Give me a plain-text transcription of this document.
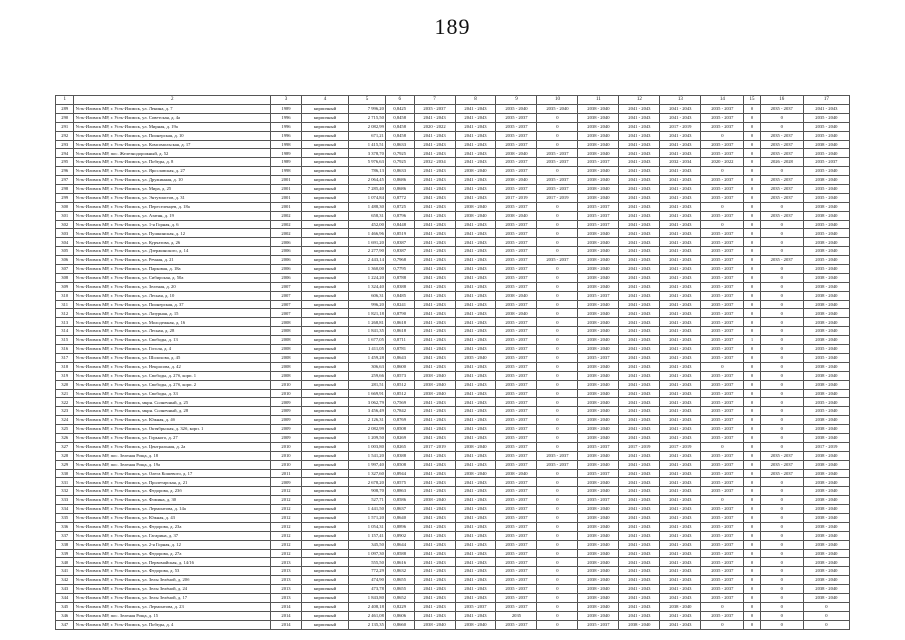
189
1	2	3	4	5	6	7	8	9	10	11	12	13	14	15	16	17
289	Усть-Илимск МР, г. Усть-Илимск, ул. Ленина, д. 7	1989	кирпичный	7 996,20	0,8425	2035 - 2037	2041 - 2043	2035 - 2040	2035 - 2040	2038 - 2040	2041 - 2043	2041 - 2043	2035 - 2037	0	2035 - 2037	2041 - 2043
290	Усть-Илимск МР, г. Усть-Илимск, ул. Советская, д. 4а	1996	кирпичный	2 715,50	0,8458	2041 - 2043	2041 - 2043	2035 - 2037	0	2038 - 2040	2041 - 2043	2041 - 2043	2035 - 2037	0	0	2035 - 2040
291	Усть-Илимск МР, г. Усть-Илимск, ул. Мирная, д. 19а	1996	кирпичный	2 082,99	0,8458	2020 - 2022	2041 - 2043	2035 - 2037	0	2038 - 2040	2041 - 2043	2017 - 2019	2035 - 2037	0	0	2035 - 2040
292	Усть-Илимск МР, г. Усть-Илимск, ул. Пионерская, д. 10	1996	кирпичный	671,21	0,8458	2041 - 2043	2041 - 2043	2035 - 2037	0	2038 - 2040	2041 - 2043	2041 - 2043	0	0	2035 - 2037	2035 - 2040
293	Усть-Илимск МР, г. Усть-Илимск, ул. Комсомольская, д. 17	1998	кирпичный	1 415,51	0,8633	2041 - 2043	2041 - 2043	2035 - 2037	0	2038 - 2040	2041 - 2043	2041 - 2043	2035 - 2037	0	2035 - 2037	2038 - 2040
294	Усть-Илимск МР, пос. Железнодорожный, д. 52	1989	кирпичный	3 378,70	0,7925	2041 - 2043	2041 - 2043	2038 - 2040	2035 - 2037	2038 - 2040	2041 - 2043	2041 - 2043	2035 - 2037	0	2035 - 2037	2035 - 2040
295	Усть-Илимск МР, г. Усть-Илимск, ул. Победы, д. 8	1989	кирпичный	5 976,63	0,7925	2032 - 2034	2041 - 2043	2035 - 2037	2035 - 2037	2035 - 2037	2041 - 2043	2032 - 2034	2020 - 2022	0	2026 - 2028	2035 - 2037
296	Усть-Илимск МР, г. Усть-Илимск, ул. Ярославская, д. 27	1998	кирпичный	786,13	0,8633	2041 - 2043	2038 - 2040	2035 - 2037	0	2038 - 2040	2041 - 2043	2041 - 2043	0	0	0	2035 - 2040
297	Усть-Илимск МР, г. Усть-Илимск, ул. Дружинная, д. 10	2001	кирпичный	2 064,45	0,8686	2041 - 2043	2041 - 2043	2038 - 2040	2035 - 2037	2038 - 2040	2041 - 2043	2041 - 2043	2035 - 2037	0	2035 - 2037	2038 - 2040
298	Усть-Илимск МР, г. Усть-Илимск, ул. Мира, д. 25	2001	кирпичный	7 285,40	0,8686	2041 - 2043	2041 - 2043	2035 - 2037	2035 - 2037	2038 - 2040	2041 - 2043	2041 - 2043	2035 - 2037	0	2035 - 2037	2035 - 2040
299	Усть-Илимск МР, г. Усть-Илимск, ул. Энтузиастов, д. 31	2001	кирпичный	1 074,84	0,8772	2041 - 2043	2041 - 2043	2017 - 2019	2017 - 2019	2038 - 2040	2041 - 2043	2041 - 2043	2035 - 2037	0	2035 - 2037	2035 - 2040
300	Усть-Илимск МР, г. Усть-Илимск, ул. Переселенцев, д. 18а	2001	кирпичный	1 488,30	0,8725	2041 - 2043	2038 - 2040	2035 - 2037	0	2035 - 2037	2041 - 2043	2041 - 2043	0	0	0	2038 - 2040
301	Усть-Илимск МР, г. Усть-Илимск, ул. Азатян, д. 19	2002	кирпичный	658,31	0,8796	2041 - 2043	2038 - 2040	2038 - 2040	0	2035 - 2037	2041 - 2043	2041 - 2043	2035 - 2037	0	2035 - 2037	2038 - 2040
302	Усть-Илимск МР, г. Усть-Илимск, ул. 1-я Горная, д. 6	2002	кирпичный	452,00	0,8448	2041 - 2043	2041 - 2043	2035 - 2037	0	2035 - 2037	2041 - 2043	2041 - 2043	0	0	0	2035 - 2040
303	Усть-Илимск МР, г. Усть-Илимск, ул. Пушкинская, д. 12	2002	кирпичный	1 466,96	0,8519	2041 - 2043	2041 - 2043	2035 - 2037	0	2038 - 2040	2041 - 2043	2041 - 2043	2035 - 2037	0	0	2035 - 2040
304	Усть-Илимск МР, г. Усть-Илимск, ул. Курчатова, д. 26	2006	кирпичный	1 691,20	0,8387	2041 - 2043	2041 - 2043	2035 - 2037	0	2038 - 2040	2041 - 2043	2041 - 2043	2035 - 2037	0	0	2038 - 2040
305	Усть-Илимск МР, г. Усть-Илимск, ул. Дзержинского, д. 14	2006	кирпичный	2 277,90	0,8387	2041 - 2043	2041 - 2043	2035 - 2037	0	2038 - 2040	2041 - 2043	2041 - 2043	2035 - 2037	0	0	2038 - 2040
306	Усть-Илимск МР, г. Усть-Илимск, ул. Речная, д. 21	2006	кирпичный	2 443,14	0,7968	2041 - 2043	2041 - 2043	2035 - 2037	2035 - 2037	2038 - 2040	2041 - 2043	2041 - 2043	2035 - 2037	0	2035 - 2037	2035 - 2040
307	Усть-Илимск МР, г. Усть-Илимск, ул. Парковая, д. 18а	2006	кирпичный	1 360,00	0,7795	2041 - 2043	2041 - 2043	2035 - 2037	0	2038 - 2040	2041 - 2043	2041 - 2043	2035 - 2037	0	0	2035 - 2040
308	Усть-Илимск МР, г. Усть-Илимск, ул. Сибирская, д. 50а	2006	кирпичный	1 224,20	0,8788	2041 - 2043	2041 - 2043	2035 - 2037	0	2038 - 2040	2041 - 2043	2041 - 2043	2035 - 2037	0	0	2038 - 2040
309	Усть-Илимск МР, г. Усть-Илимск, ул. Зеленая, д. 20	2007	кирпичный	1 324,40	0,8388	2041 - 2043	2041 - 2043	2035 - 2037	0	2038 - 2040	2041 - 2043	2041 - 2043	2035 - 2037	0	0	2038 - 2040
310	Усть-Илимск МР, г. Усть-Илимск, ул. Лесная, д. 10	2007	кирпичный	606,31	0,8485	2041 - 2043	2041 - 2043	2038 - 2040	0	2035 - 2037	2041 - 2043	2041 - 2043	2035 - 2037	0	0	2038 - 2040
311	Усть-Илимск МР, г. Усть-Илимск, ул. Пионерская, д. 37	2007	кирпичный	996,20	0,8241	2041 - 2043	2041 - 2043	2035 - 2037	0	2038 - 2040	2041 - 2043	2041 - 2043	2035 - 2037	0	0	2038 - 2040
312	Усть-Илимск МР, г. Усть-Илимск, ул. Лазурная, д. 15	2007	кирпичный	1 821,18	0,8790	2041 - 2043	2041 - 2043	2038 - 2040	0	2038 - 2040	2041 - 2043	2041 - 2043	2035 - 2037	0	0	2038 - 2040
313	Усть-Илимск МР, г. Усть-Илимск, ул. Молодежная, д. 16	2008	кирпичный	1 268,81	0,8618	2041 - 2043	2041 - 2043	2035 - 2037	0	2038 - 2040	2041 - 2043	2041 - 2043	2035 - 2037	0	0	2038 - 2040
314	Усть-Илимск МР, г. Усть-Илимск, ул. Лесная, д. 28	2008	кирпичный	1 841,35	0,8618	2041 - 2043	2041 - 2043	2035 - 2037	0	2038 - 2040	2041 - 2043	2041 - 2043	2035 - 2037	0	0	2038 - 2040
315	Усть-Илимск МР, г. Усть-Илимск, ул. Свободы, д. 13	2008	кирпичный	1 677,05	0,8711	2041 - 2043	2041 - 2043	2035 - 2037	0	2038 - 2040	2041 - 2043	2041 - 2043	2035 - 2037	1	0	2038 - 2040
316	Усть-Илимск МР, г. Усть-Илимск, ул. Гоголя, д. 4	2008	кирпичный	1 411,05	0,8781	2041 - 2043	2041 - 2043	2035 - 2037	0	2038 - 2040	2041 - 2043	2041 - 2043	2035 - 2037	0	0	2035 - 2040
317	Усть-Илимск МР, г. Усть-Илимск, ул. Шолохова, д. 45	2008	кирпичный	1 459,28	0,8643	2041 - 2043	2035 - 2040	2035 - 2037	0	2035 - 2037	2041 - 2043	2041 - 2043	2035 - 2037	0	0	2035 - 2040
318	Усть-Илимск МР, г. Усть-Илимск, ул. Некрасова, д. 42	2008	кирпичный	306,63	0,8600	2041 - 2043	2041 - 2043	2035 - 2037	0	2038 - 2040	2041 - 2043	2041 - 2043	0	0	0	2038 - 2040
319	Усть-Илимск МР, г. Усть-Илимск, ул. Свободы, д. 27б, корп. 1	2008	кирпичный	259,66	0,8573	2038 - 2040	2041 - 2043	2035 - 2037	0	2038 - 2040	2041 - 2043	2041 - 2043	2035 - 2037	0	0	2038 - 2040
320	Усть-Илимск МР, г. Усть-Илимск, ул. Свободы, д. 27б, корп. 2	2010	кирпичный	281,51	0,8512	2038 - 2040	2041 - 2043	2035 - 2037	0	2038 - 2040	2041 - 2043	2041 - 2043	2035 - 2037	0	0	2038 - 2040
321	Усть-Илимск МР, г. Усть-Илимск, ул. Свободы, д. 33	2010	кирпичный	1 669,91	0,8512	2038 - 2040	2041 - 2043	2035 - 2037	0	2038 - 2040	2041 - 2043	2041 - 2043	2035 - 2037	0	0	2038 - 2040
322	Усть-Илимск МР, г. Усть-Илимск, мкрн. Солнечный, д. 25	2009	кирпичный	3 062,79	0,7569	2041 - 2043	2041 - 2043	2035 - 2037	0	2038 - 2040	2041 - 2043	2041 - 2043	2035 - 2037	0	0	2035 - 2040
323	Усть-Илимск МР, г. Усть-Илимск, мкрн. Солнечный, д. 28	2009	кирпичный	3 456,49	0,7842	2041 - 2043	2041 - 2043	2035 - 2037	0	2038 - 2040	2041 - 2043	2041 - 2043	2035 - 2037	0	0	2035 - 2040
324	Усть-Илимск МР, г. Усть-Илимск, ул. Южная, д. 4б	2009	кирпичный	2 126,31	0,8769	2041 - 2043	2041 - 2043	2035 - 2037	0	2038 - 2040	2041 - 2043	2041 - 2043	2035 - 2037	0	0	2038 - 2040
325	Усть-Илимск МР, г. Усть-Илимск, ул. Октябрьская, д. 32б, корп. 1	2009	кирпичный	2 082,99	0,8508	2041 - 2043	2041 - 2043	2035 - 2037	0	2038 - 2040	2041 - 2043	2041 - 2043	2035 - 2037	0	0	2038 - 2040
326	Усть-Илимск МР, г. Усть-Илимск, ул. Горького, д. 27	2009	кирпичный	1 209,50	0,8269	2041 - 2043	2041 - 2043	2035 - 2037	0	2038 - 2040	2041 - 2043	2041 - 2043	2035 - 2037	0	0	2038 - 2040
327	Усть-Илимск МР, г. Усть-Илимск, ул. Центральная, д. 2а	2010	кирпичный	1 003,80	0,8265	2017 - 2019	2038 - 2040	2035 - 2037	0	2035 - 2037	2017 - 2019	2017 - 2019	0	0	0	2017 - 2019
328	Усть-Илимск МР, пос. Зеленая Роща, д. 18	2010	кирпичный	1 541,20	0,8388	2041 - 2043	2041 - 2043	2035 - 2037	2035 - 2037	2038 - 2040	2041 - 2043	2041 - 2043	2035 - 2037	0	2035 - 2037	2038 - 2040
329	Усть-Илимск МР, пос. Зеленая Роща, д. 19а	2010	кирпичный	1 997,40	0,8508	2041 - 2043	2041 - 2043	2035 - 2037	2035 - 2037	2038 - 2040	2041 - 2043	2041 - 2043	2035 - 2037	0	2035 - 2037	2038 - 2040
330	Усть-Илимск МР, г. Усть-Илимск, ул. Олега Кошевого, д. 17	2011	кирпичный	1 327,60	0,8944	2041 - 2043	2038 - 2040	2038 - 2040	0	2035 - 2037	2041 - 2043	2041 - 2043	2035 - 2037	0	2035 - 2037	2038 - 2040
331	Усть-Илимск МР, г. Усть-Илимск, ул. Пролетарская, д. 21	2009	кирпичный	2 678,20	0,8575	2041 - 2043	2041 - 2043	2035 - 2037	0	2038 - 2040	2041 - 2043	2041 - 2043	2035 - 2037	0	0	2038 - 2040
332	Усть-Илимск МР, г. Усть-Илимск, ул. Федорова, д. 23б	2012	кирпичный	908,70	0,8863	2041 - 2043	2041 - 2043	2035 - 2037	0	2038 - 2040	2041 - 2043	2041 - 2043	2035 - 2037	0	0	2038 - 2040
333	Усть-Илимск МР, г. Усть-Илимск, ул. Фомина, д. 30	2012	кирпичный	527,71	0,8586	2038 - 2040	2041 - 2043	2035 - 2037	0	2035 - 2037	2041 - 2043	2041 - 2043	0	0	0	2038 - 2040
334	Усть-Илимск МР, г. Усть-Илимск, ул. Лермонтова, д. 14а	2012	кирпичный	1 441,50	0,8637	2041 - 2043	2041 - 2043	2035 - 2037	0	2038 - 2040	2041 - 2043	2041 - 2043	2035 - 2037	0	0	2038 - 2040
335	Усть-Илимск МР, г. Усть-Илимск, ул. Южная, д. 43	2012	кирпичный	1 571,20	0,8640	2041 - 2043	2041 - 2043	2035 - 2037	0	2038 - 2040	2041 - 2043	2041 - 2043	2035 - 2037	0	0	2038 - 2040
336	Усть-Илимск МР, г. Усть-Илимск, ул. Федорова, д. 23а	2012	кирпичный	1 054,31	0,8896	2041 - 2043	2041 - 2043	2035 - 2037	0	2038 - 2040	2041 - 2043	2041 - 2043	2035 - 2037	0	0	2038 - 2040
337	Усть-Илимск МР, г. Усть-Илимск, ул. Гагарина, д. 37	2012	кирпичный	1 157,41	0,8902	2041 - 2043	2041 - 2043	2035 - 2037	0	2038 - 2040	2041 - 2043	2041 - 2043	2035 - 2037	0	0	2038 - 2040
338	Усть-Илимск МР, г. Усть-Илимск, ул. 2-я Горная, д. 12	2012	кирпичный	345,50	0,8644	2041 - 2043	2041 - 2043	2035 - 2037	0	2038 - 2040	2041 - 2043	2041 - 2043	2035 - 2037	0	0	2038 - 2040
339	Усть-Илимск МР, г. Усть-Илимск, ул. Федорова, д. 27а	2012	кирпичный	1 097,30	0,8588	2041 - 2043	2041 - 2043	2035 - 2037	0	2038 - 2040	2041 - 2043	2041 - 2043	2035 - 2037	0	0	2038 - 2040
340	Усть-Илимск МР, г. Усть-Илимск, ул. Первомайская, д. 14/16	2013	кирпичный	555,50	0,8616	2041 - 2043	2041 - 2043	2035 - 2037	0	2038 - 2040	2041 - 2043	2041 - 2043	2035 - 2037	0	0	2038 - 2040
341	Усть-Илимск МР, г. Усть-Илимск, ул. Федорова, д. 53	2013	кирпичный	772,29	0,8632	2041 - 2043	2041 - 2043	2035 - 2037	0	2038 - 2040	2041 - 2043	2041 - 2043	2035 - 2037	0	0	2038 - 2040
342	Усть-Илимск МР, г. Усть-Илимск, ул. Зелы Зелёной, д. 20б	2013	кирпичный	474,90	0,8655	2041 - 2043	2041 - 2043	2035 - 2037	0	2038 - 2040	2041 - 2043	2041 - 2043	2035 - 2037	0	0	2038 - 2040
343	Усть-Илимск МР, г. Усть-Илимск, ул. Зелы Зелёной, д. 24	2013	кирпичный	473,78	0,8655	2041 - 2043	2041 - 2043	2035 - 2037	0	2038 - 2040	2041 - 2043	2041 - 2043	2035 - 2037	0	0	2038 - 2040
344	Усть-Илимск МР, г. Усть-Илимск, ул. Зелы Зелёной, д. 17	2013	кирпичный	1 843,80	0,8652	2041 - 2043	2041 - 2043	2035 - 2037	0	2038 - 2040	2041 - 2043	2041 - 2043	2035 - 2037	0	0	2038 - 2040
345	Усть-Илимск МР, г. Усть-Илимск, ул. Лермонтова, д. 23	2014	кирпичный	2 408,18	0,8229	2041 - 2043	2035 - 2037	2035 - 2037	0	2038 - 2040	2041 - 2043	2038 - 2040	0	0	0	0
346	Усть-Илимск МР, пос. Зеленая Роща, д. 15	2014	кирпичный	2 461,08	0,8606	2041 - 2043	2041 - 2043	2035	0	2038 - 2040	2041 - 2043	2041 - 2043	2035 - 2037	0	0	0
347	Усть-Илимск МР, г. Усть-Илимск, ул. Победы, д. 4	2014	кирпичный	2 135,35	0,8660	2038 - 2040	2038 - 2040	2035 - 2037	0	2035 - 2037	2038 - 2040	2041 - 2043	0	0	0	0
